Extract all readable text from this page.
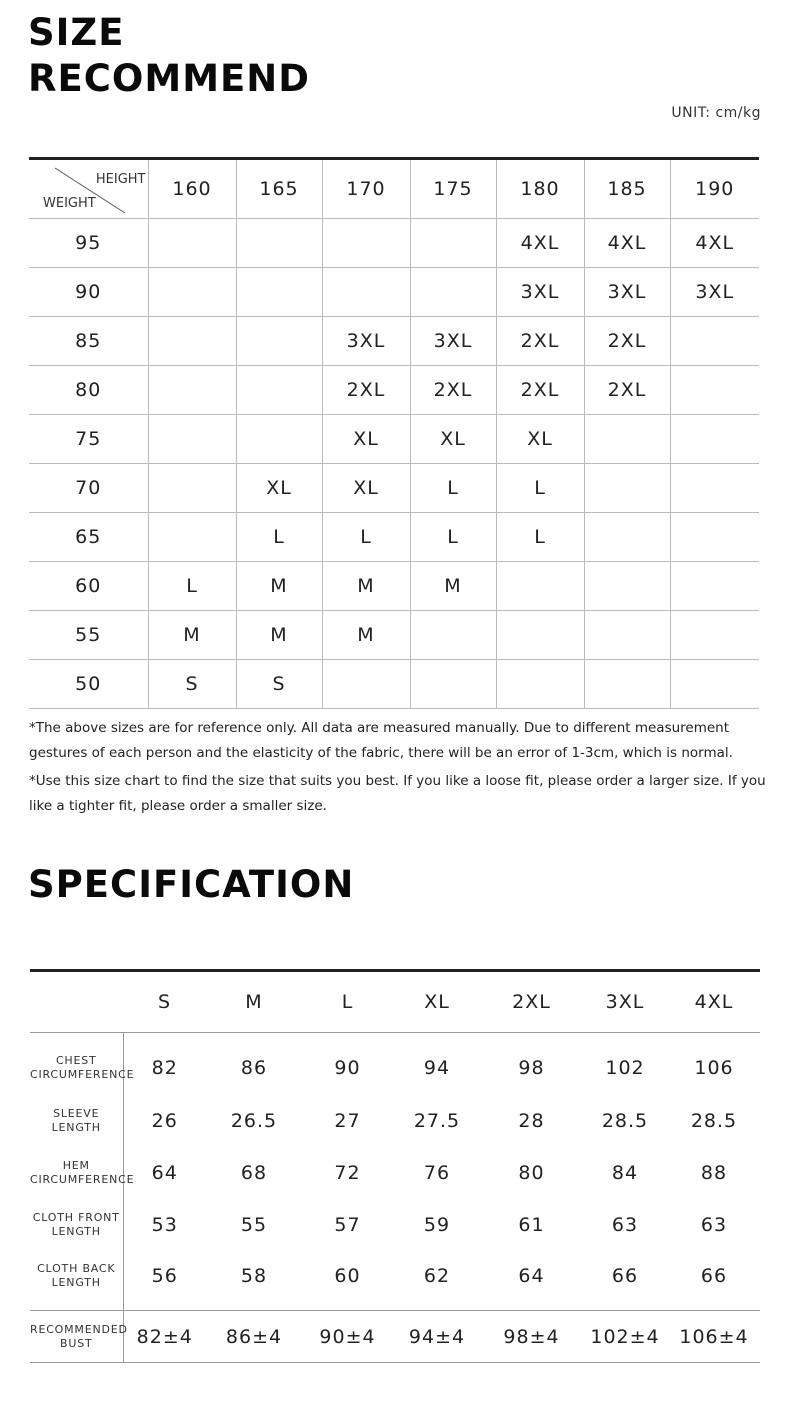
SIZE
RECOMMEND
UNIT: cm/kg
HEIGHT
WEIGHT	160	165	170	175	180	185	190
95					4XL	4XL	4XL
90					3XL	3XL	3XL
85			3XL	3XL	2XL	2XL	
80			2XL	2XL	2XL	2XL	
75			XL	XL	XL		
70		XL	XL	L	L		
65		L	L	L	L		
60	L	M	M	M			
55	M	M	M				
50	S	S					

*The above sizes are for reference only. All data are measured manually. Due to different measurement gestures of each person and the elasticity of the fabric, there will be an error of 1-3cm, which is normal.

*Use this size chart to find the size that suits you best. If you like a loose fit, please order a larger size. If you like a tighter fit, please order a smaller size.

SPECIFICATION
	S	M	L	XL	2XL	3XL	4XL
CHEST CIRCUMFERENCE	82	86	90	94	98	102	106
SLEEVE LENGTH	26	26.5	27	27.5	28	28.5	28.5
HEM CIRCUMFERENCE	64	68	72	76	80	84	88
CLOTH FRONT LENGTH	53	55	57	59	61	63	63
CLOTH BACK LENGTH	56	58	60	62	64	66	66
RECOMMENDED BUST	82±4	86±4	90±4	94±4	98±4	102±4	106±4
